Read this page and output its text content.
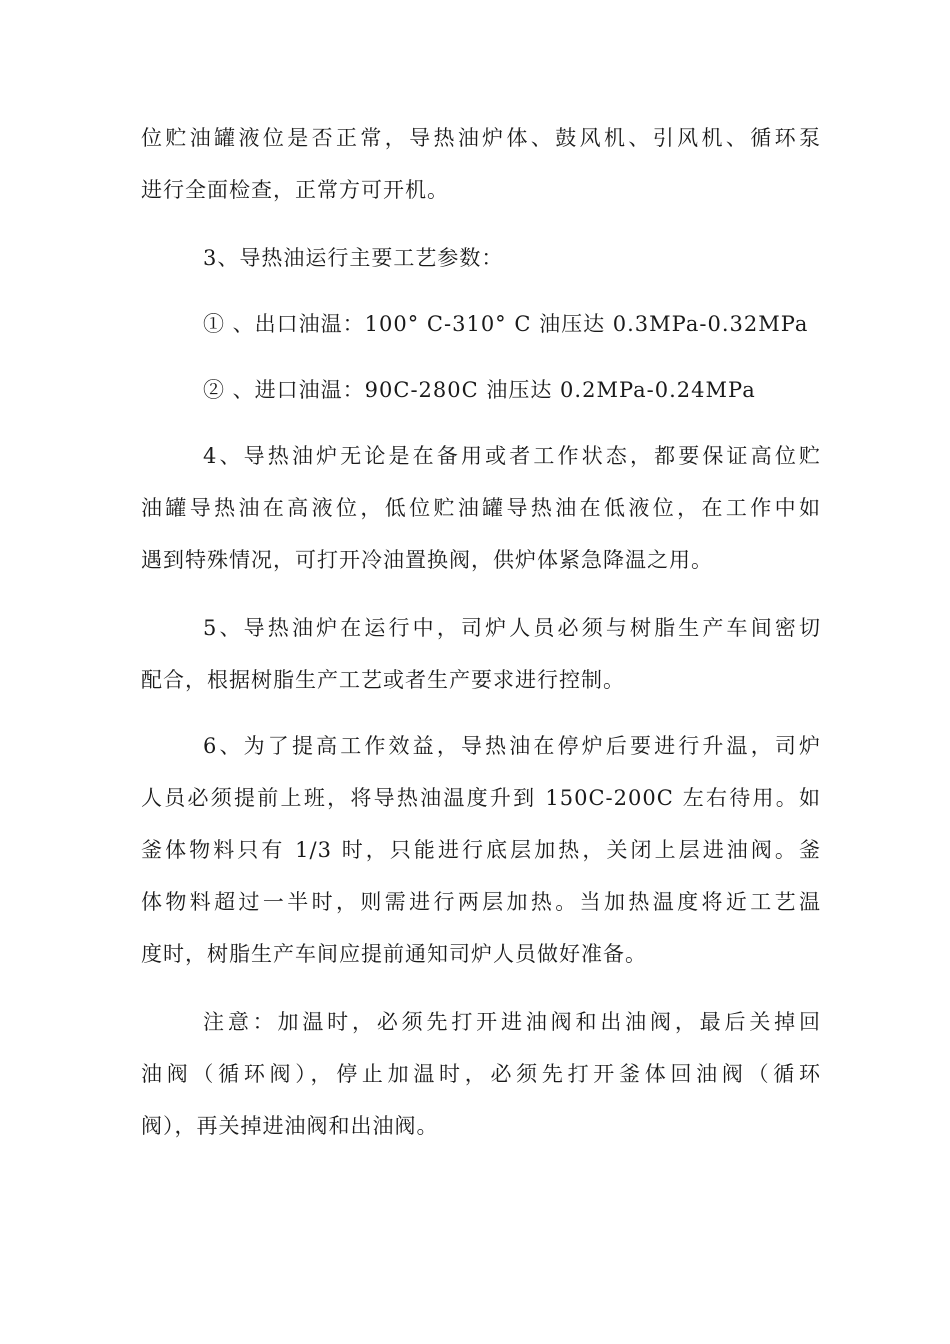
位贮油罐液位是否正常，导热油炉体、鼓风机、引风机、循环泵
进行全面检查，正常方可开机。
3、导热油运行主要工艺参数：
① 、出口油温：100° C-310° C 油压达 0.3MPa-0.32MPa
② 、进口油温：90C-280C 油压达 0.2MPa-0.24MPa
4、导热油炉无论是在备用或者工作状态，都要保证高位贮
油罐导热油在高液位，低位贮油罐导热油在低液位，在工作中如
遇到特殊情况，可打开冷油置换阀，供炉体紧急降温之用。
5、导热油炉在运行中，司炉人员必须与树脂生产车间密切
配合，根据树脂生产工艺或者生产要求进行控制。
6、为了提高工作效益，导热油在停炉后要进行升温，司炉
人员必须提前上班，将导热油温度升到 150C-200C 左右待用。如
釜体物料只有 1/3 时，只能进行底层加热，关闭上层进油阀。釜
体物料超过一半时，则需进行两层加热。当加热温度将近工艺温
度时，树脂生产车间应提前通知司炉人员做好准备。
注意：加温时，必须先打开进油阀和出油阀，最后关掉回
油阀（循环阀），停止加温时，必须先打开釜体回油阀（循环
阀），再关掉进油阀和出油阀。
